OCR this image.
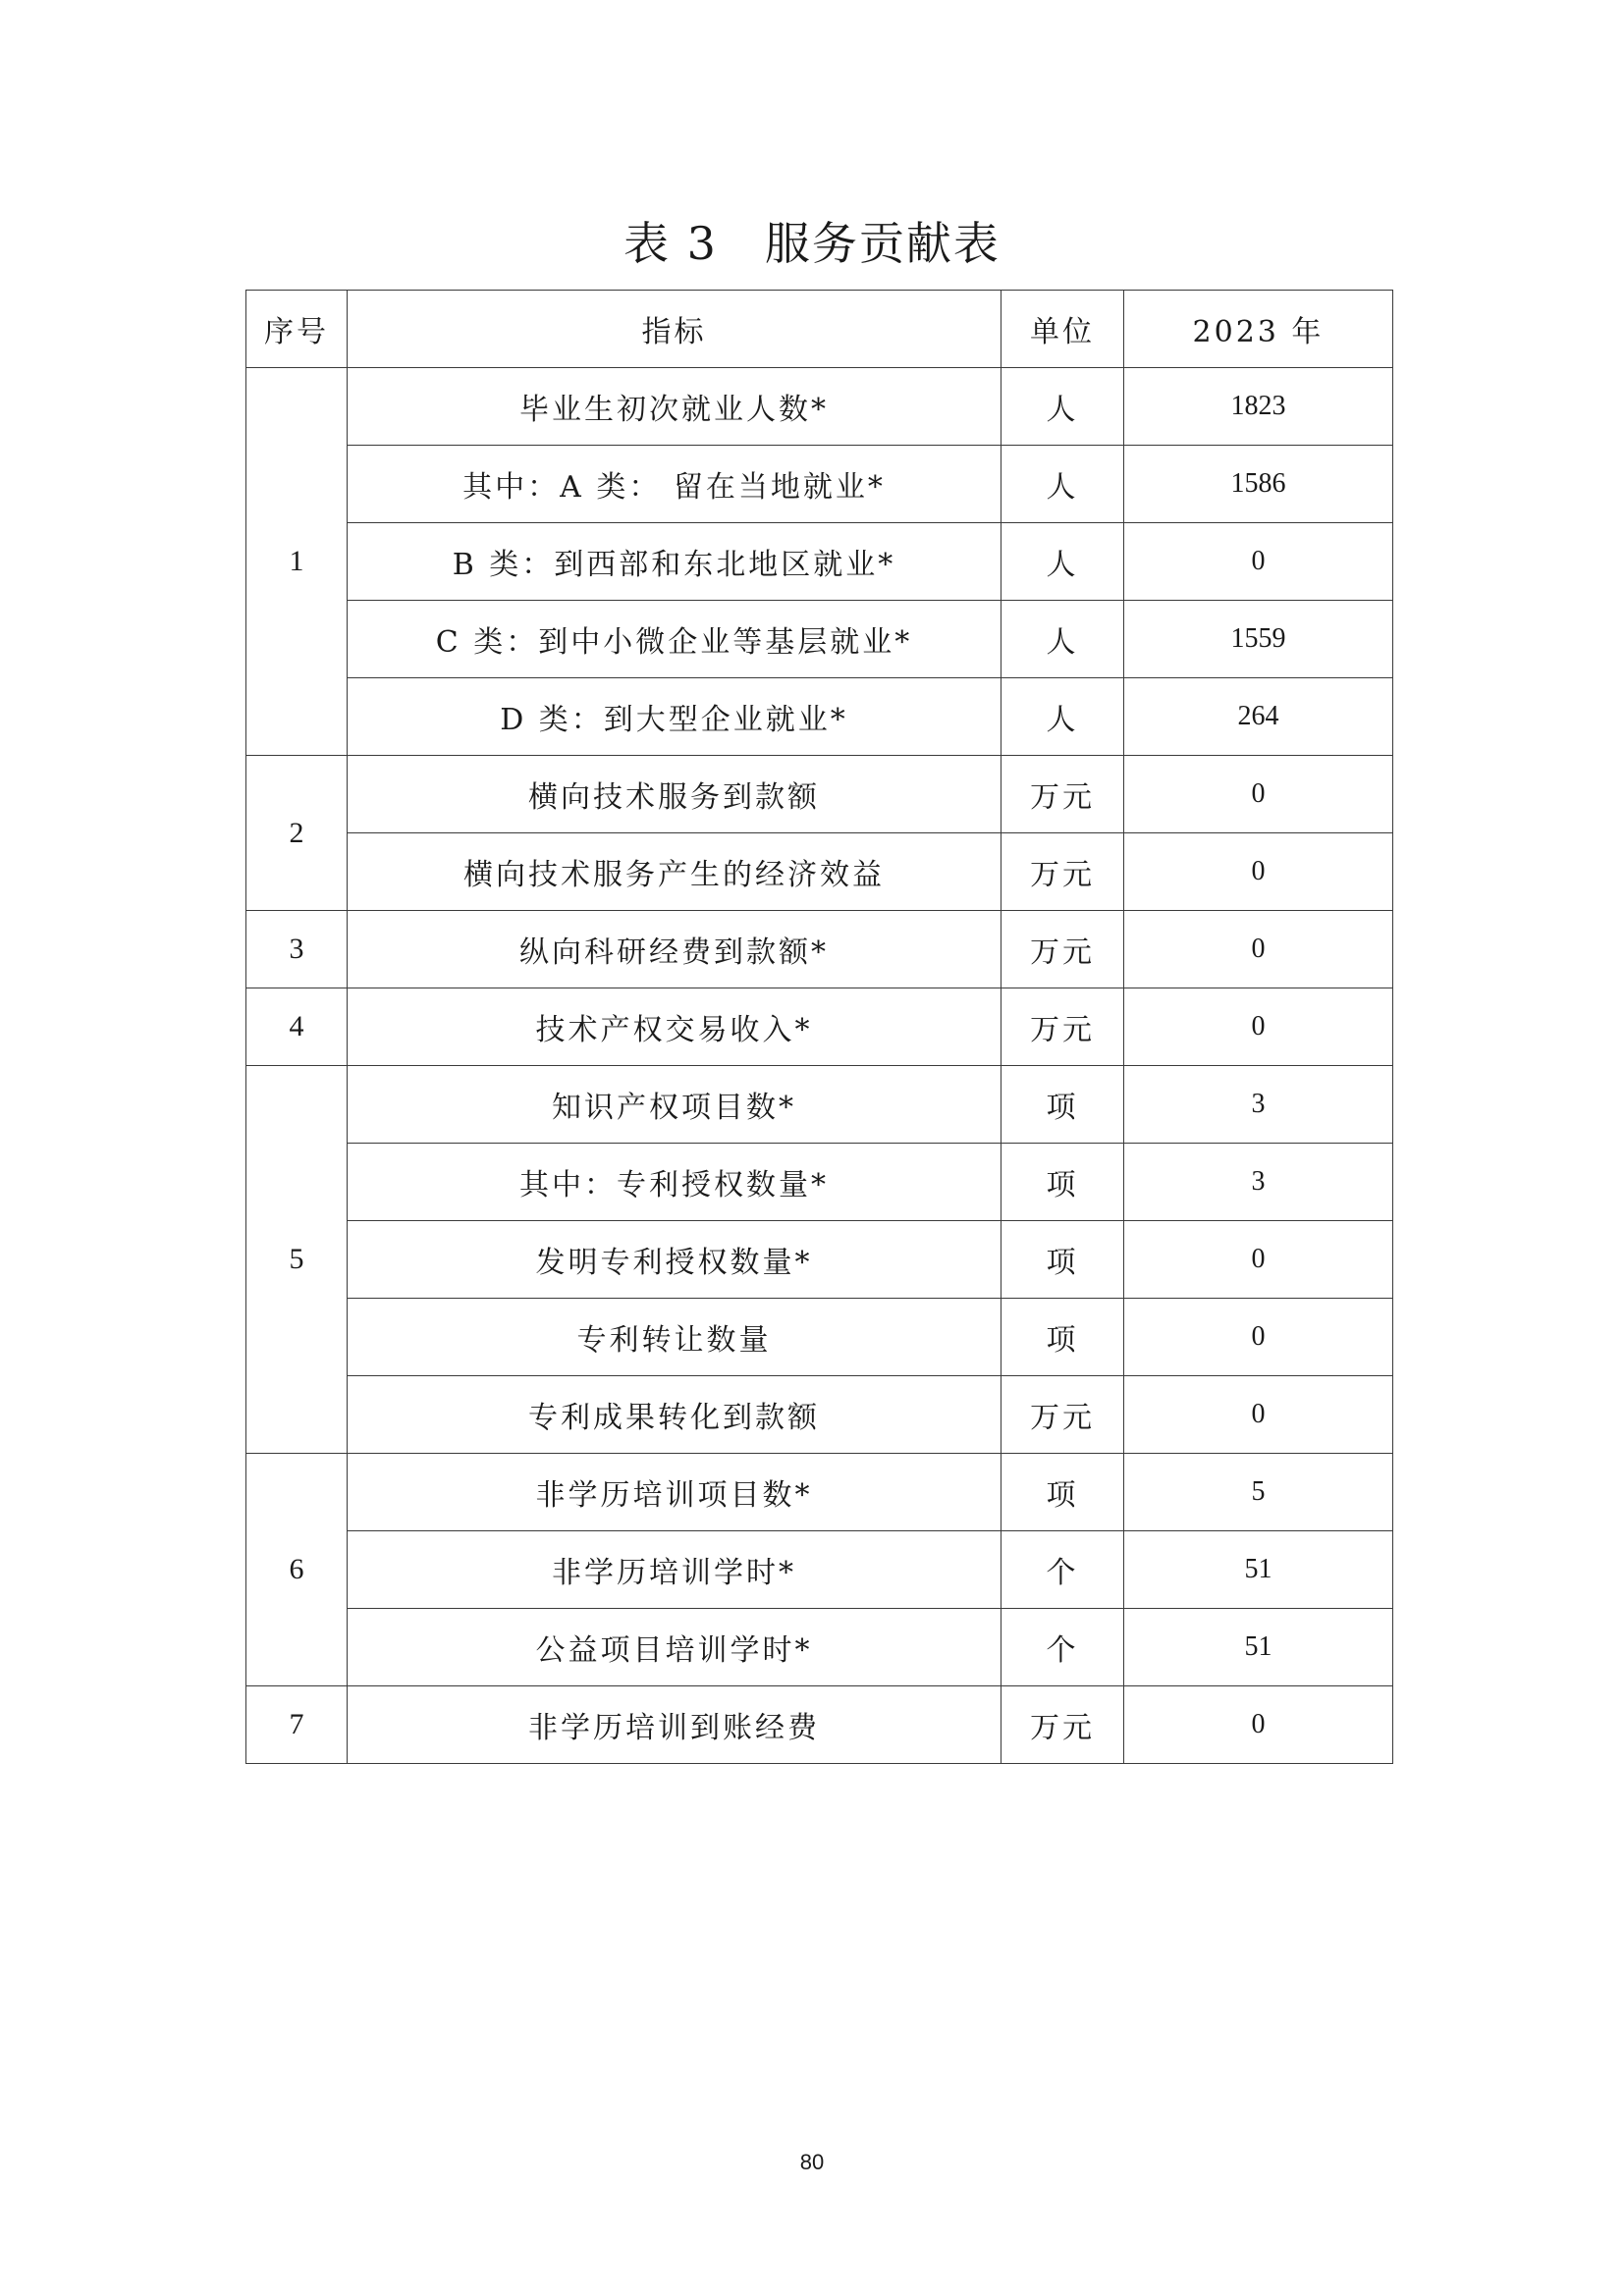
表 3　服务贡献表
序号	指标	单位	2023 年
1	毕业生初次就业人数*	人	1823
	其中：A 类： 留在当地就业*	人	1586
	B 类：到西部和东北地区就业*	人	0
	C 类：到中小微企业等基层就业*	人	1559
	D 类：到大型企业就业*	人	264
2	横向技术服务到款额	万元	0
	横向技术服务产生的经济效益	万元	0
3	纵向科研经费到款额*	万元	0
4	技术产权交易收入*	万元	0
5	知识产权项目数*	项	3
	其中：专利授权数量*	项	3
	发明专利授权数量*	项	0
	专利转让数量	项	0
	专利成果转化到款额	万元	0
6	非学历培训项目数*	项	5
	非学历培训学时*	个	51
	公益项目培训学时*	个	51
7	非学历培训到账经费	万元	0
80
